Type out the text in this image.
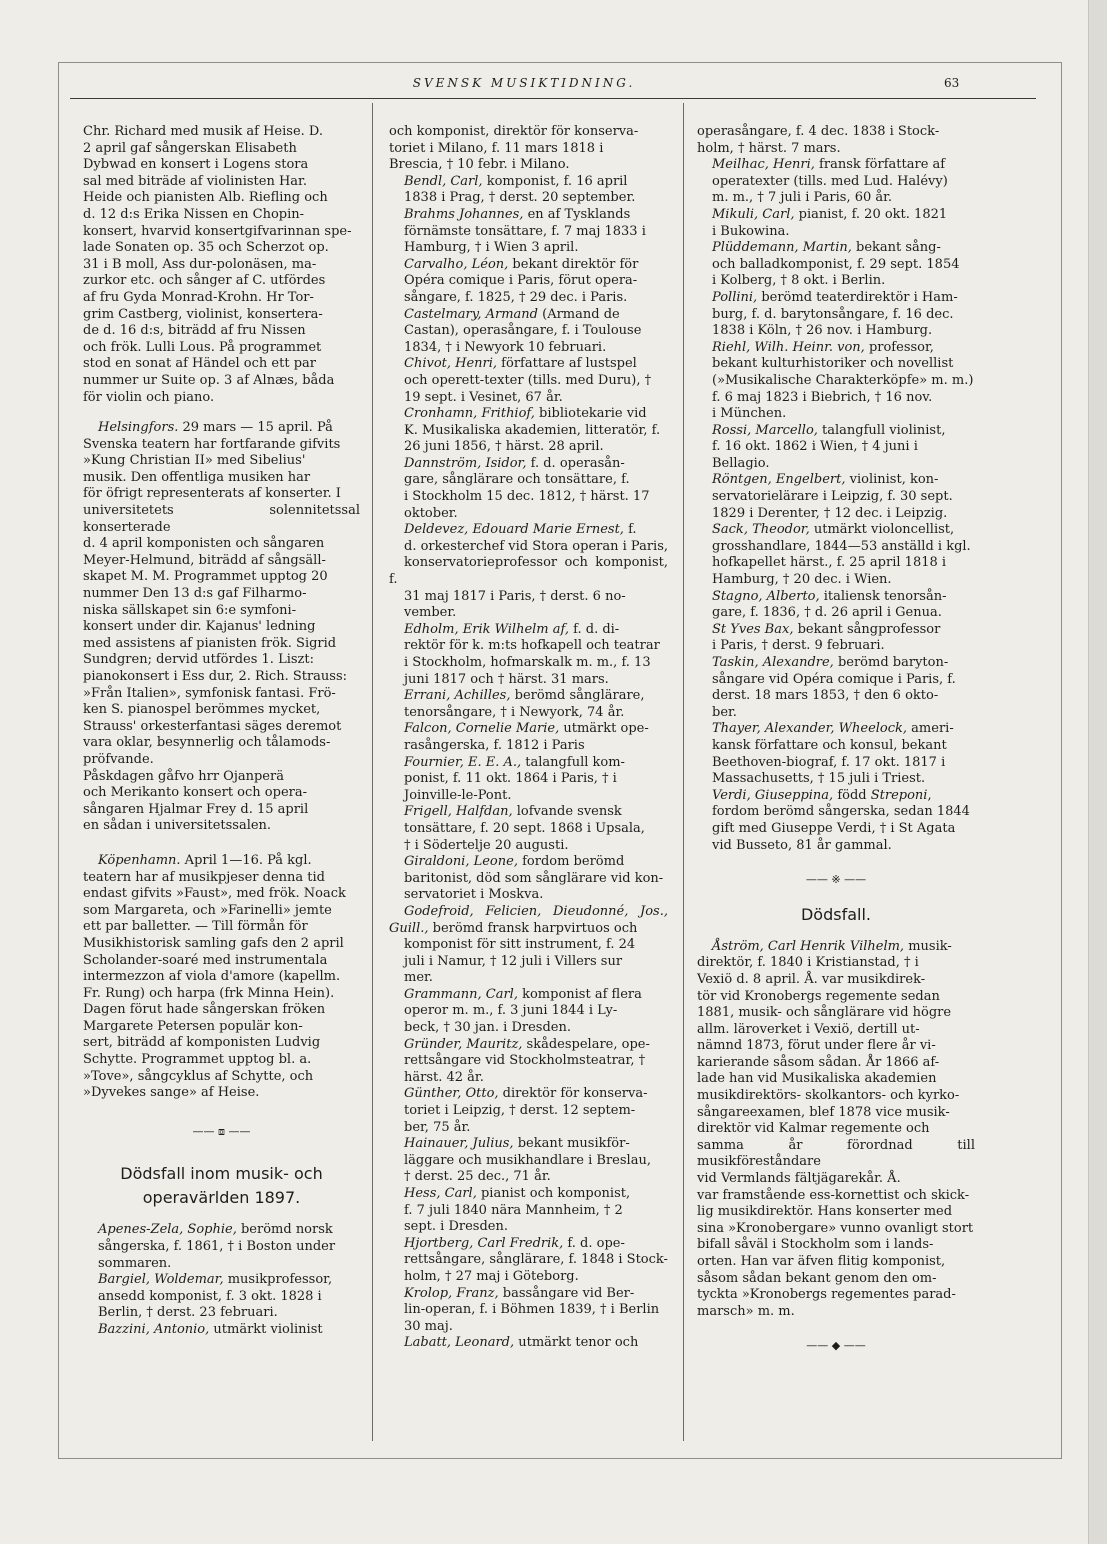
SVENSK MUSIKTIDNING.	63

Chr. Richard med musik af Heise. D.
2 april gaf sångerskan Elisabeth
Dybwad en konsert i Logens stora
sal med biträde af violinisten Har.
Heide och pianisten Alb. Riefling och
d. 12 d:s Erika Nissen en Chopin-
konsert, hvarvid konsertgifvarinnan spe-
lade Sonaten op. 35 och Scherzot op.
31 i B moll, Ass dur-polonäsen, ma-
zurkor etc. och sånger af C. utfördes
af fru Gyda Monrad-Krohn. Hr Tor-
grim Castberg, violinist, konsertera-
de d. 16 d:s, biträdd af fru Nissen
och frök. Lulli Lous. På programmet
stod en sonat af Händel och ett par
nummer ur Suite op. 3 af Alnæs, båda
för violin och piano.

Helsingfors. 29 mars — 15 april. På
Svenska teatern har fortfarande gifvits
»Kung Christian II» med Sibelius'
musik. Den offentliga musiken har
för öfrigt representerats af konserter. I
universitetets solennitetssal konserterade
d. 4 april komponisten och sångaren
Meyer-Helmund, biträdd af sångsäll-
skapet M. M. Programmet upptog 20
nummer Den 13 d:s gaf Filharmo-
niska sällskapet sin 6:e symfoni-
konsert under dir. Kajanus' ledning
med assistens af pianisten frök. Sigrid
Sundgren; dervid utfördes 1. Liszt:
pianokonsert i Ess dur, 2. Rich. Strauss:
»Från Italien», symfonisk fantasi. Frö-
ken S. pianospel berömmes mycket,
Strauss' orkesterfantasi säges deremot
vara oklar, besynnerlig och tålamods-
pröfvande.

Påskdagen gåfvo hrr Ojanperä
och Merikanto konsert och opera-
sångaren Hjalmar Frey d. 15 april
en sådan i universitetssalen.

Köpenhamn. April 1—16. På kgl.
teatern har af musikpjeser denna tid
endast gifvits »Faust», med frök. Noack
som Margareta, och »Farinelli» jemte
ett par balletter. — Till förmån för
Musikhistorisk samling gafs den 2 april
Scholander-soaré med instrumentala
intermezzon af viola d'amore (kapellm.
Fr. Rung) och harpa (frk Minna Hein).
Dagen förut hade sångerskan fröken
Margarete Petersen populär kon-
sert, biträdd af komponisten Ludvig
Schytte. Programmet upptog bl. a.
»Tove», sångcyklus af Schytte, och
»Dyvekes sange» af Heise.

—— ⧈ ——
Dödsfall inom musik- och
operavärlden 1897.

Apenes-Zela, Sophie, berömd norsk
sångerska, f. 1861, † i Boston under
sommaren.

Bargiel, Woldemar, musikprofessor,
ansedd komponist, f. 3 okt. 1828 i
Berlin, † derst. 23 februari.

Bazzini, Antonio, utmärkt violinist

och komponist, direktör för konserva-
toriet i Milano, f. 11 mars 1818 i
Brescia, † 10 febr. i Milano.

Bendl, Carl, komponist, f. 16 april
1838 i Prag, † derst. 20 september.

Brahms Johannes, en af Tysklands
förnämste tonsättare, f. 7 maj 1833 i
Hamburg, † i Wien 3 april.

Carvalho, Léon, bekant direktör för
Opéra comique i Paris, förut opera-
sångare, f. 1825, † 29 dec. i Paris.

Castelmary, Armand (Armand de
Castan), operasångare, f. i Toulouse
1834, † i Newyork 10 februari.

Chivot, Henri, författare af lustspel
och operett-texter (tills. med Duru), †
19 sept. i Vesinet, 67 år.

Cronhamn, Frithiof, bibliotekarie vid
K. Musikaliska akademien, litteratör, f.
26 juni 1856, † härst. 28 april.

Dannström, Isidor, f. d. operasån-
gare, sånglärare och tonsättare, f.
i Stockholm 15 dec. 1812, † härst. 17
oktober.

Deldevez, Edouard Marie Ernest, f.
d. orkesterchef vid Stora operan i Paris,
konservatorieprofessor och komponist, f.
31 maj 1817 i Paris, † derst. 6 no-
vember.

Edholm, Erik Wilhelm af, f. d. di-
rektör för k. m:ts hofkapell och teatrar
i Stockholm, hofmarskalk m. m., f. 13
juni 1817 och † härst. 31 mars.

Errani, Achilles, berömd sånglärare,
tenorsångare, † i Newyork, 74 år.

Falcon, Cornelie Marie, utmärkt ope-
rasångerska, f. 1812 i Paris

Fournier, E. E. A., talangfull kom-
ponist, f. 11 okt. 1864 i Paris, † i
Joinville-le-Pont.

Frigell, Halfdan, lofvande svensk
tonsättare, f. 20 sept. 1868 i Upsala,
† i Södertelje 20 augusti.

Giraldoni, Leone, fordom berömd
baritonist, död som sånglärare vid kon-
servatoriet i Moskva.

Godefroid, Felicien, Dieudonné, Jos., Guill., berömd fransk harpvirtuos och
komponist för sitt instrument, f. 24
juli i Namur, † 12 juli i Villers sur
mer.

Grammann, Carl, komponist af flera
operor m. m., f. 3 juni 1844 i Ly-
beck, † 30 jan. i Dresden.

Gründer, Mauritz, skådespelare, ope-
rettsångare vid Stockholmsteatrar, †
härst. 42 år.

Günther, Otto, direktör för konserva-
toriet i Leipzig, † derst. 12 septem-
ber, 75 år.

Hainauer, Julius, bekant musikför-
läggare och musikhandlare i Breslau,
† derst. 25 dec., 71 år.

Hess, Carl, pianist och komponist,
f. 7 juli 1840 nära Mannheim, † 2
sept. i Dresden.

Hjortberg, Carl Fredrik, f. d. ope-
rettsångare, sånglärare, f. 1848 i Stock-
holm, † 27 maj i Göteborg.

Krolop, Franz, bassångare vid Ber-
lin-operan, f. i Böhmen 1839, † i Berlin
30 maj.

Labatt, Leonard, utmärkt tenor och

operasångare, f. 4 dec. 1838 i Stock-
holm, † härst. 7 mars.

Meilhac, Henri, fransk författare af
operatexter (tills. med Lud. Halévy)
m. m., † 7 juli i Paris, 60 år.

Mikuli, Carl, pianist, f. 20 okt. 1821
i Bukowina.

Plüddemann, Martin, bekant sång-
och balladkomponist, f. 29 sept. 1854
i Kolberg, † 8 okt. i Berlin.

Pollini, berömd teaterdirektör i Ham-
burg, f. d. barytonsångare, f. 16 dec.
1838 i Köln, † 26 nov. i Hamburg.

Riehl, Wilh. Heinr. von, professor,
bekant kulturhistoriker och novellist
(»Musikalische Charakterköpfe» m. m.)
f. 6 maj 1823 i Biebrich, † 16 nov.
i München.

Rossi, Marcello, talangfull violinist,
f. 16 okt. 1862 i Wien, † 4 juni i
Bellagio.

Röntgen, Engelbert, violinist, kon-
servatorielärare i Leipzig, f. 30 sept.
1829 i Derenter, † 12 dec. i Leipzig.

Sack, Theodor, utmärkt violoncellist,
grosshandlare, 1844—53 anställd i kgl.
hofkapellet härst., f. 25 april 1818 i
Hamburg, † 20 dec. i Wien.

Stagno, Alberto, italiensk tenorsån-
gare, f. 1836, † d. 26 april i Genua.

St Yves Bax, bekant sångprofessor
i Paris, † derst. 9 februari.

Taskin, Alexandre, berömd baryton-
sångare vid Opéra comique i Paris, f.
derst. 18 mars 1853, † den 6 okto-
ber.

Thayer, Alexander, Wheelock, ameri-
kansk författare och konsul, bekant
Beethoven-biograf, f. 17 okt. 1817 i
Massachusetts, † 15 juli i Triest.

Verdi, Giuseppina, född Streponi,
fordom berömd sångerska, sedan 1844
gift med Giuseppe Verdi, † i St Agata
vid Busseto, 81 år gammal.

—— ※ ——
Dödsfall.

Åström, Carl Henrik Vilhelm, musik-
direktör, f. 1840 i Kristianstad, † i
Vexiö d. 8 april. Å. var musikdirek-
tör vid Kronobergs regemente sedan
1881, musik- och sånglärare vid högre
allm. läroverket i Vexiö, dertill ut-
nämnd 1873, förut under flere år vi-
karierande såsom sådan. År 1866 af-
lade han vid Musikaliska akademien
musikdirektörs- skolkantors- och kyrko-
sångareexamen, blef 1878 vice musik-
direktör vid Kalmar regemente och
samma år förordnad till musikföreståndare
vid Vermlands fältjägarekår. Å.
var framstående ess-kornettist och skick-
lig musikdirektör. Hans konserter med
sina »Kronobergare» vunno ovanligt stort
bifall såväl i Stockholm som i lands-
orten. Han var äfven flitig komponist,
såsom sådan bekant genom den om-
tyckta »Kronobergs regementes parad-
marsch» m. m.

—— ◆ ——
